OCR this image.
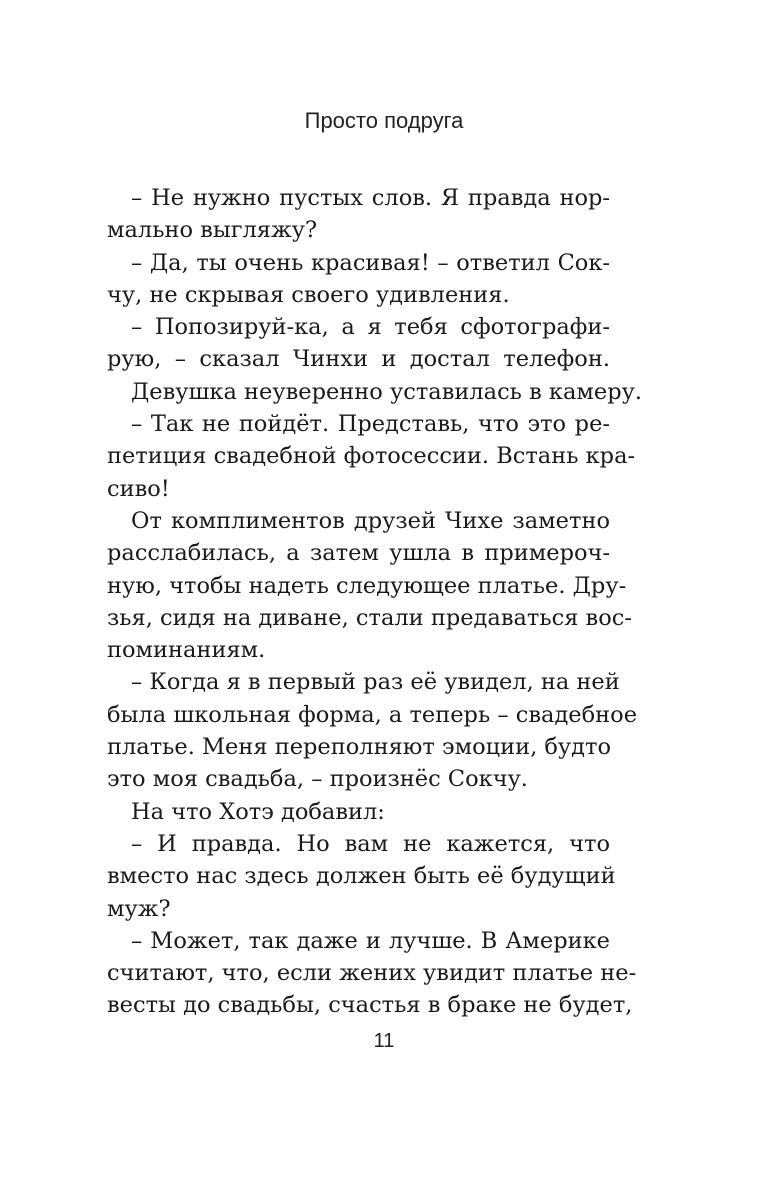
Просто подруга
– Не нужно пустых слов. Я правда нор-
мально выгляжу?
– Да, ты очень красивая! – ответил Сок-
чу, не скрывая своего удивления.
– Попозируй-ка, а я тебя сфотографи-
рую, – сказал Чинхи и достал телефон.
Девушка неуверенно уставилась в камеру.
– Так не пойдёт. Представь, что это ре-
петиция свадебной фотосессии. Встань кра-
сиво!
От комплиментов друзей Чихе заметно
расслабилась, а затем ушла в примероч-
ную, чтобы надеть следующее платье. Дру-
зья, сидя на диване, стали предаваться вос-
поминаниям.
– Когда я в первый раз её увидел, на ней
была школьная форма, а теперь – свадебное
платье. Меня переполняют эмоции, будто
это моя свадьба, – произнёс Сокчу.
На что Хотэ добавил:
– И правда. Но вам не кажется, что
вместо нас здесь должен быть её будущий
муж?
– Может, так даже и лучше. В Америке
считают, что, если жених увидит платье не-
весты до свадьбы, счастья в браке не будет,
11
